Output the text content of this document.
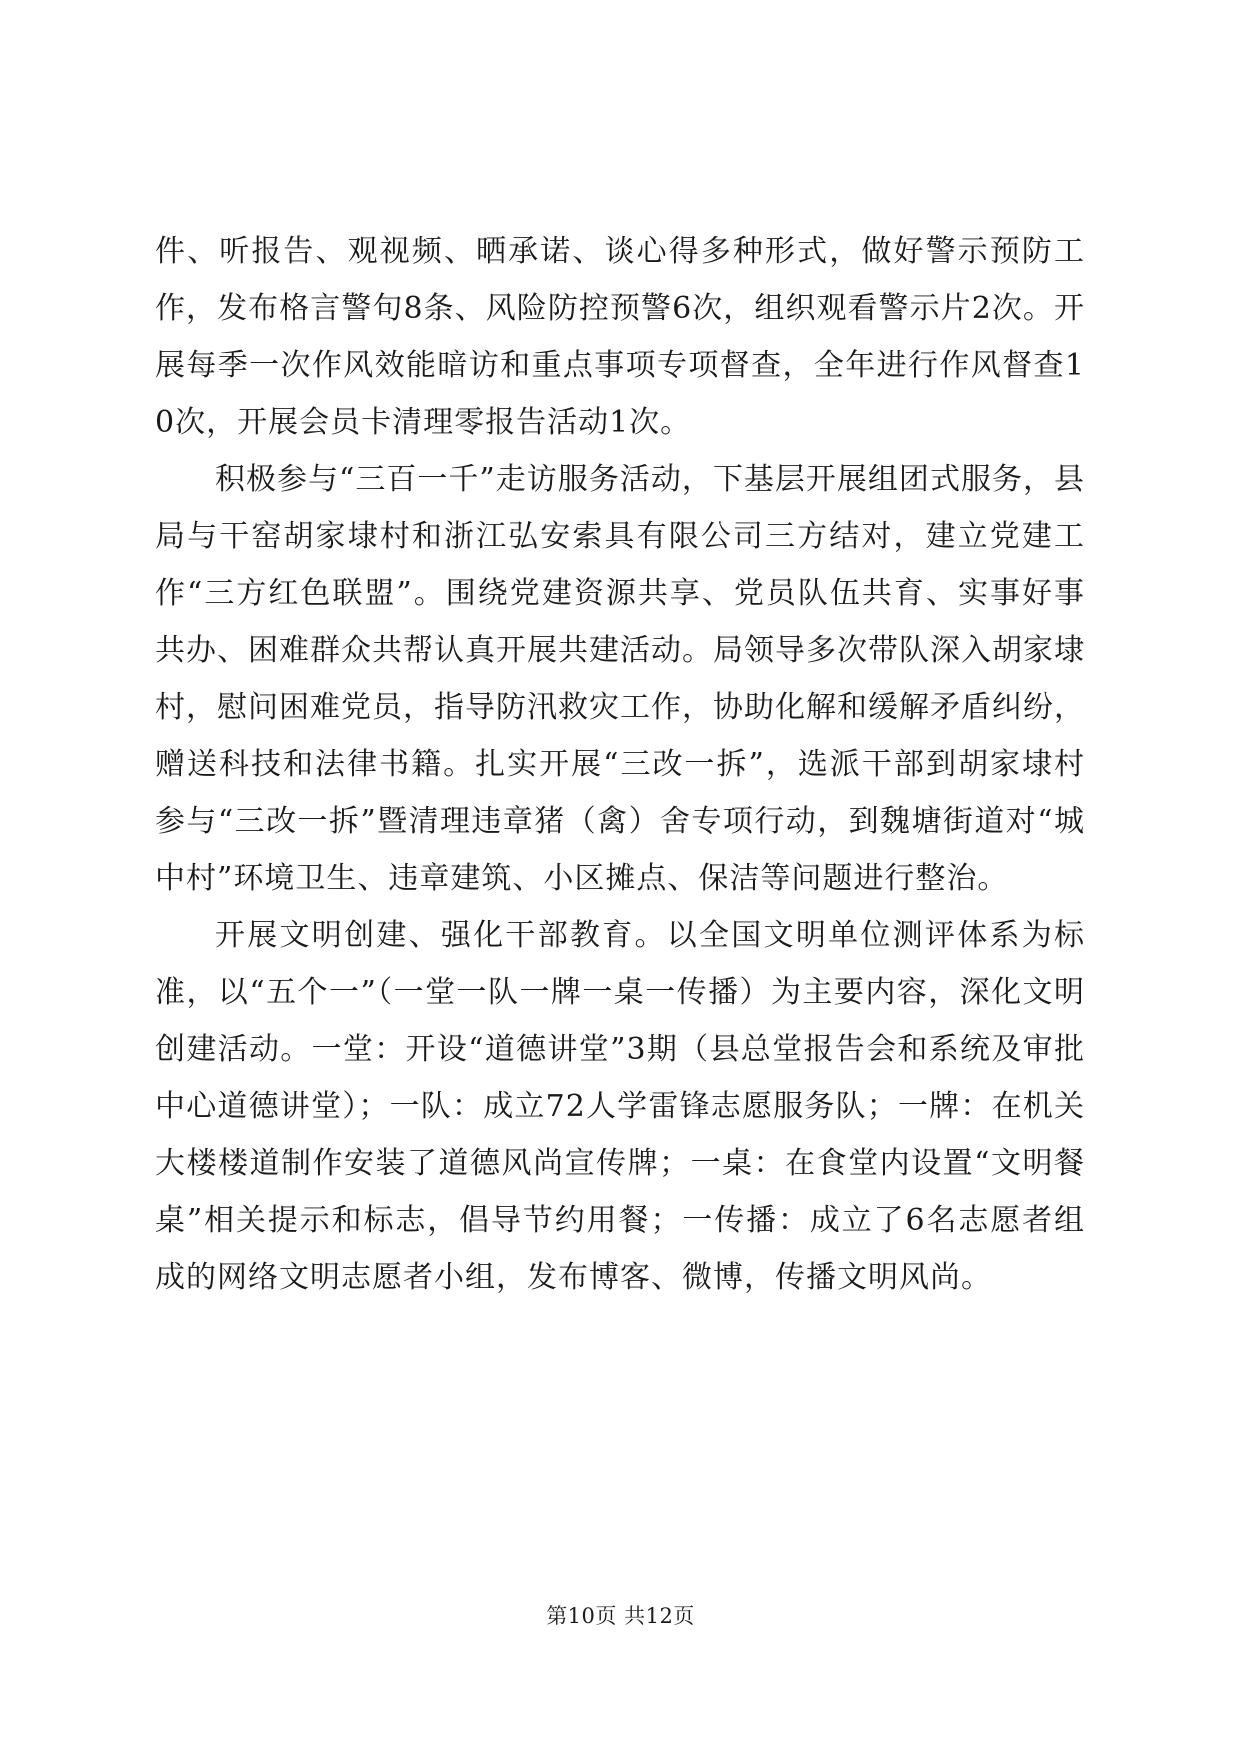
件、听报告、观视频、晒承诺、谈心得多种形式，做好警示预防工作，发布格言警句8条、风险防控预警6次，组织观看警示片2次。开展每季一次作风效能暗访和重点事项专项督查，全年进行作风督查10次，开展会员卡清理零报告活动1次。

积极参与“三百一千”走访服务活动，下基层开展组团式服务，县局与干窑胡家埭村和浙江弘安索具有限公司三方结对，建立党建工作“三方红色联盟”。围绕党建资源共享、党员队伍共育、实事好事共办、困难群众共帮认真开展共建活动。局领导多次带队深入胡家埭村，慰问困难党员，指导防汛救灾工作，协助化解和缓解矛盾纠纷，赠送科技和法律书籍。扎实开展“三改一拆”，选派干部到胡家埭村参与“三改一拆”暨清理违章猪（禽）舍专项行动，到魏塘街道对“城中村”环境卫生、违章建筑、小区摊点、保洁等问题进行整治。

开展文明创建、强化干部教育。以全国文明单位测评体系为标准，以“五个一”（一堂一队一牌一桌一传播）为主要内容，深化文明创建活动。一堂：开设“道德讲堂”3期（县总堂报告会和系统及审批中心道德讲堂）；一队：成立72人学雷锋志愿服务队；一牌：在机关大楼楼道制作安装了道德风尚宣传牌；一桌：在食堂内设置“文明餐桌”相关提示和标志，倡导节约用餐；一传播：成立了6名志愿者组成的网络文明志愿者小组，发布博客、微博，传播文明风尚。

第10页 共12页
